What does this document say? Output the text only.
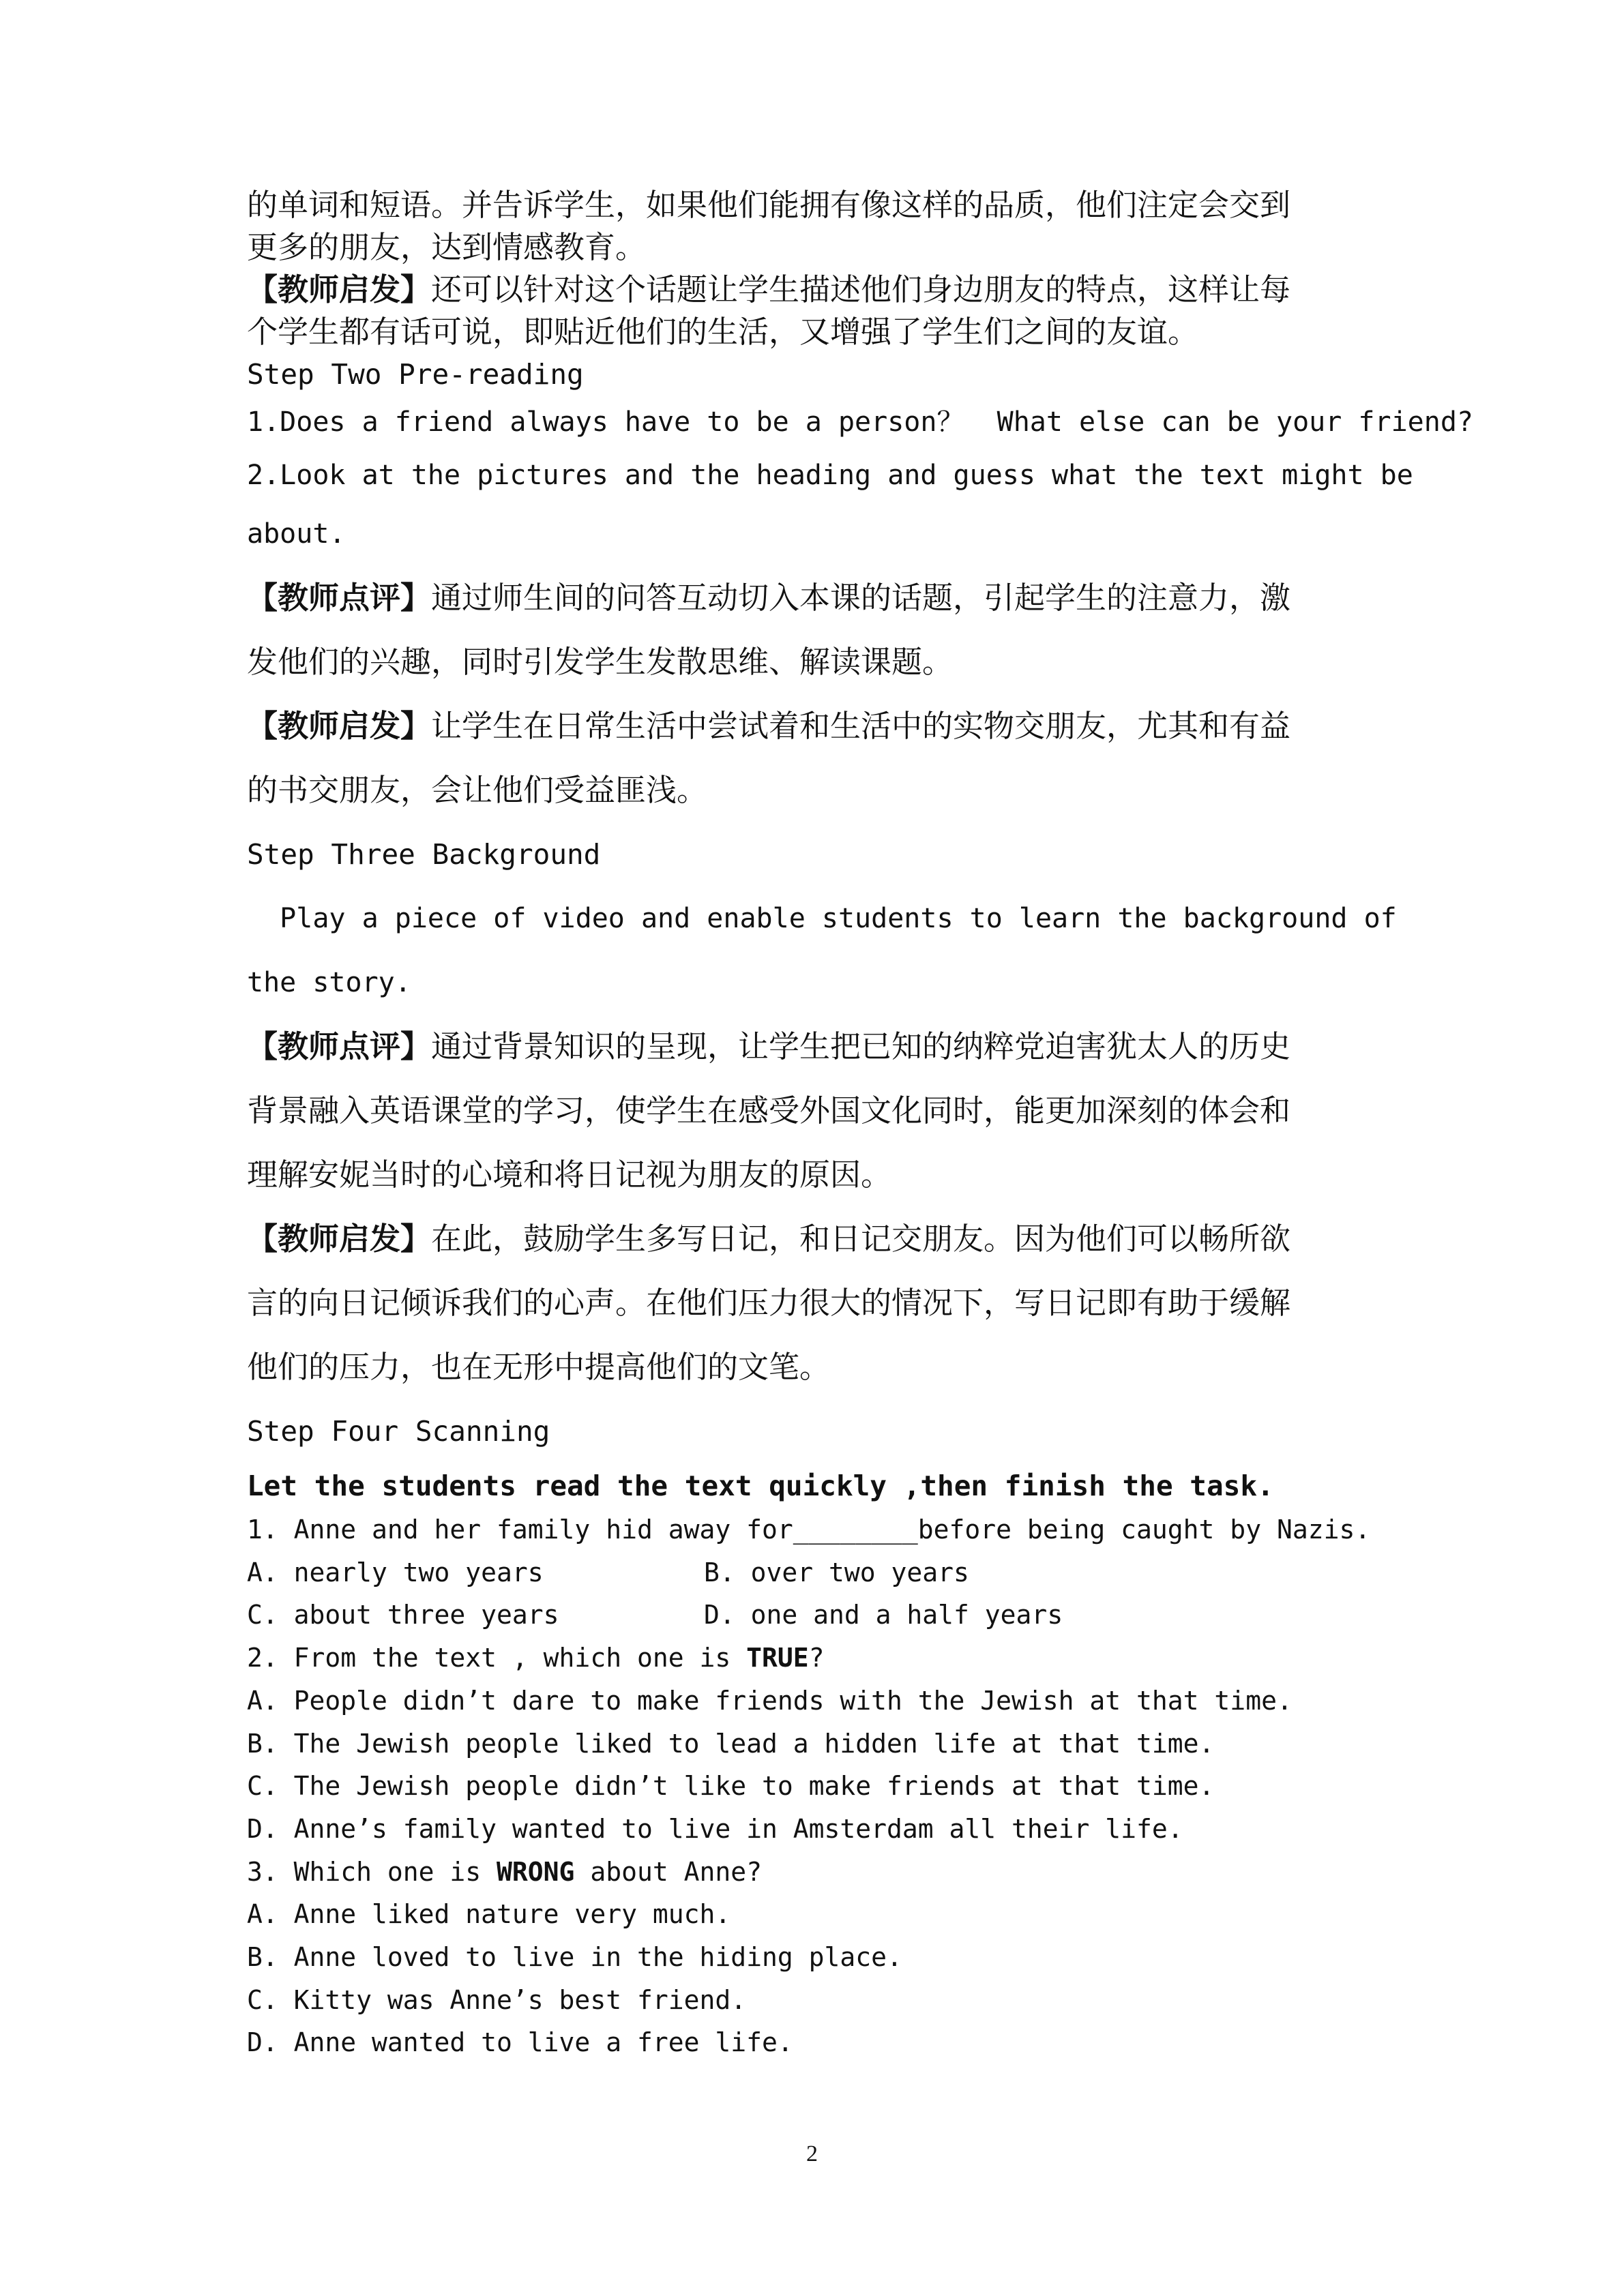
的单词和短语。并告诉学生，如果他们能拥有像这样的品质，他们注定会交到

更多的朋友，达到情感教育。

【教师启发】还可以针对这个话题让学生描述他们身边朋友的特点，这样让每

个学生都有话可说，即贴近他们的生活，又增强了学生们之间的友谊。

Step Two Pre-reading

1.Does a friend always have to be a person？  What else can be your friend?

2.Look at the pictures and the heading and guess what the text might be

about.

【教师点评】通过师生间的问答互动切入本课的话题，引起学生的注意力，激

发他们的兴趣，同时引发学生发散思维、解读课题。

【教师启发】让学生在日常生活中尝试着和生活中的实物交朋友，尤其和有益

的书交朋友，会让他们受益匪浅。

Step Three Background

Play a piece of video and enable students to learn the background of

the story.

【教师点评】通过背景知识的呈现，让学生把已知的纳粹党迫害犹太人的历史

背景融入英语课堂的学习，使学生在感受外国文化同时，能更加深刻的体会和

理解安妮当时的心境和将日记视为朋友的原因。

【教师启发】在此，鼓励学生多写日记，和日记交朋友。因为他们可以畅所欲

言的向日记倾诉我们的心声。在他们压力很大的情况下，写日记即有助于缓解

他们的压力，也在无形中提高他们的文笔。

Step Four Scanning

Let the students read the text quickly ,then finish the task.

1. Anne and her family hid away for________before being caught by Nazis.

A. nearly two years	B. over two years
C. about three years	D. one and a half years

2. From the text , which one is TRUE?

A. People didn’t dare to make friends with the Jewish at that time.

B. The Jewish people liked to lead a hidden life at that time.

C. The Jewish people didn’t like to make friends at that time.

D. Anne’s family wanted to live in Amsterdam all their life.

3. Which one is WRONG about Anne?

A. Anne liked nature very much.

B. Anne loved to live in the hiding place.

C. Kitty was Anne’s best friend.

D. Anne wanted to live a free life.

2
